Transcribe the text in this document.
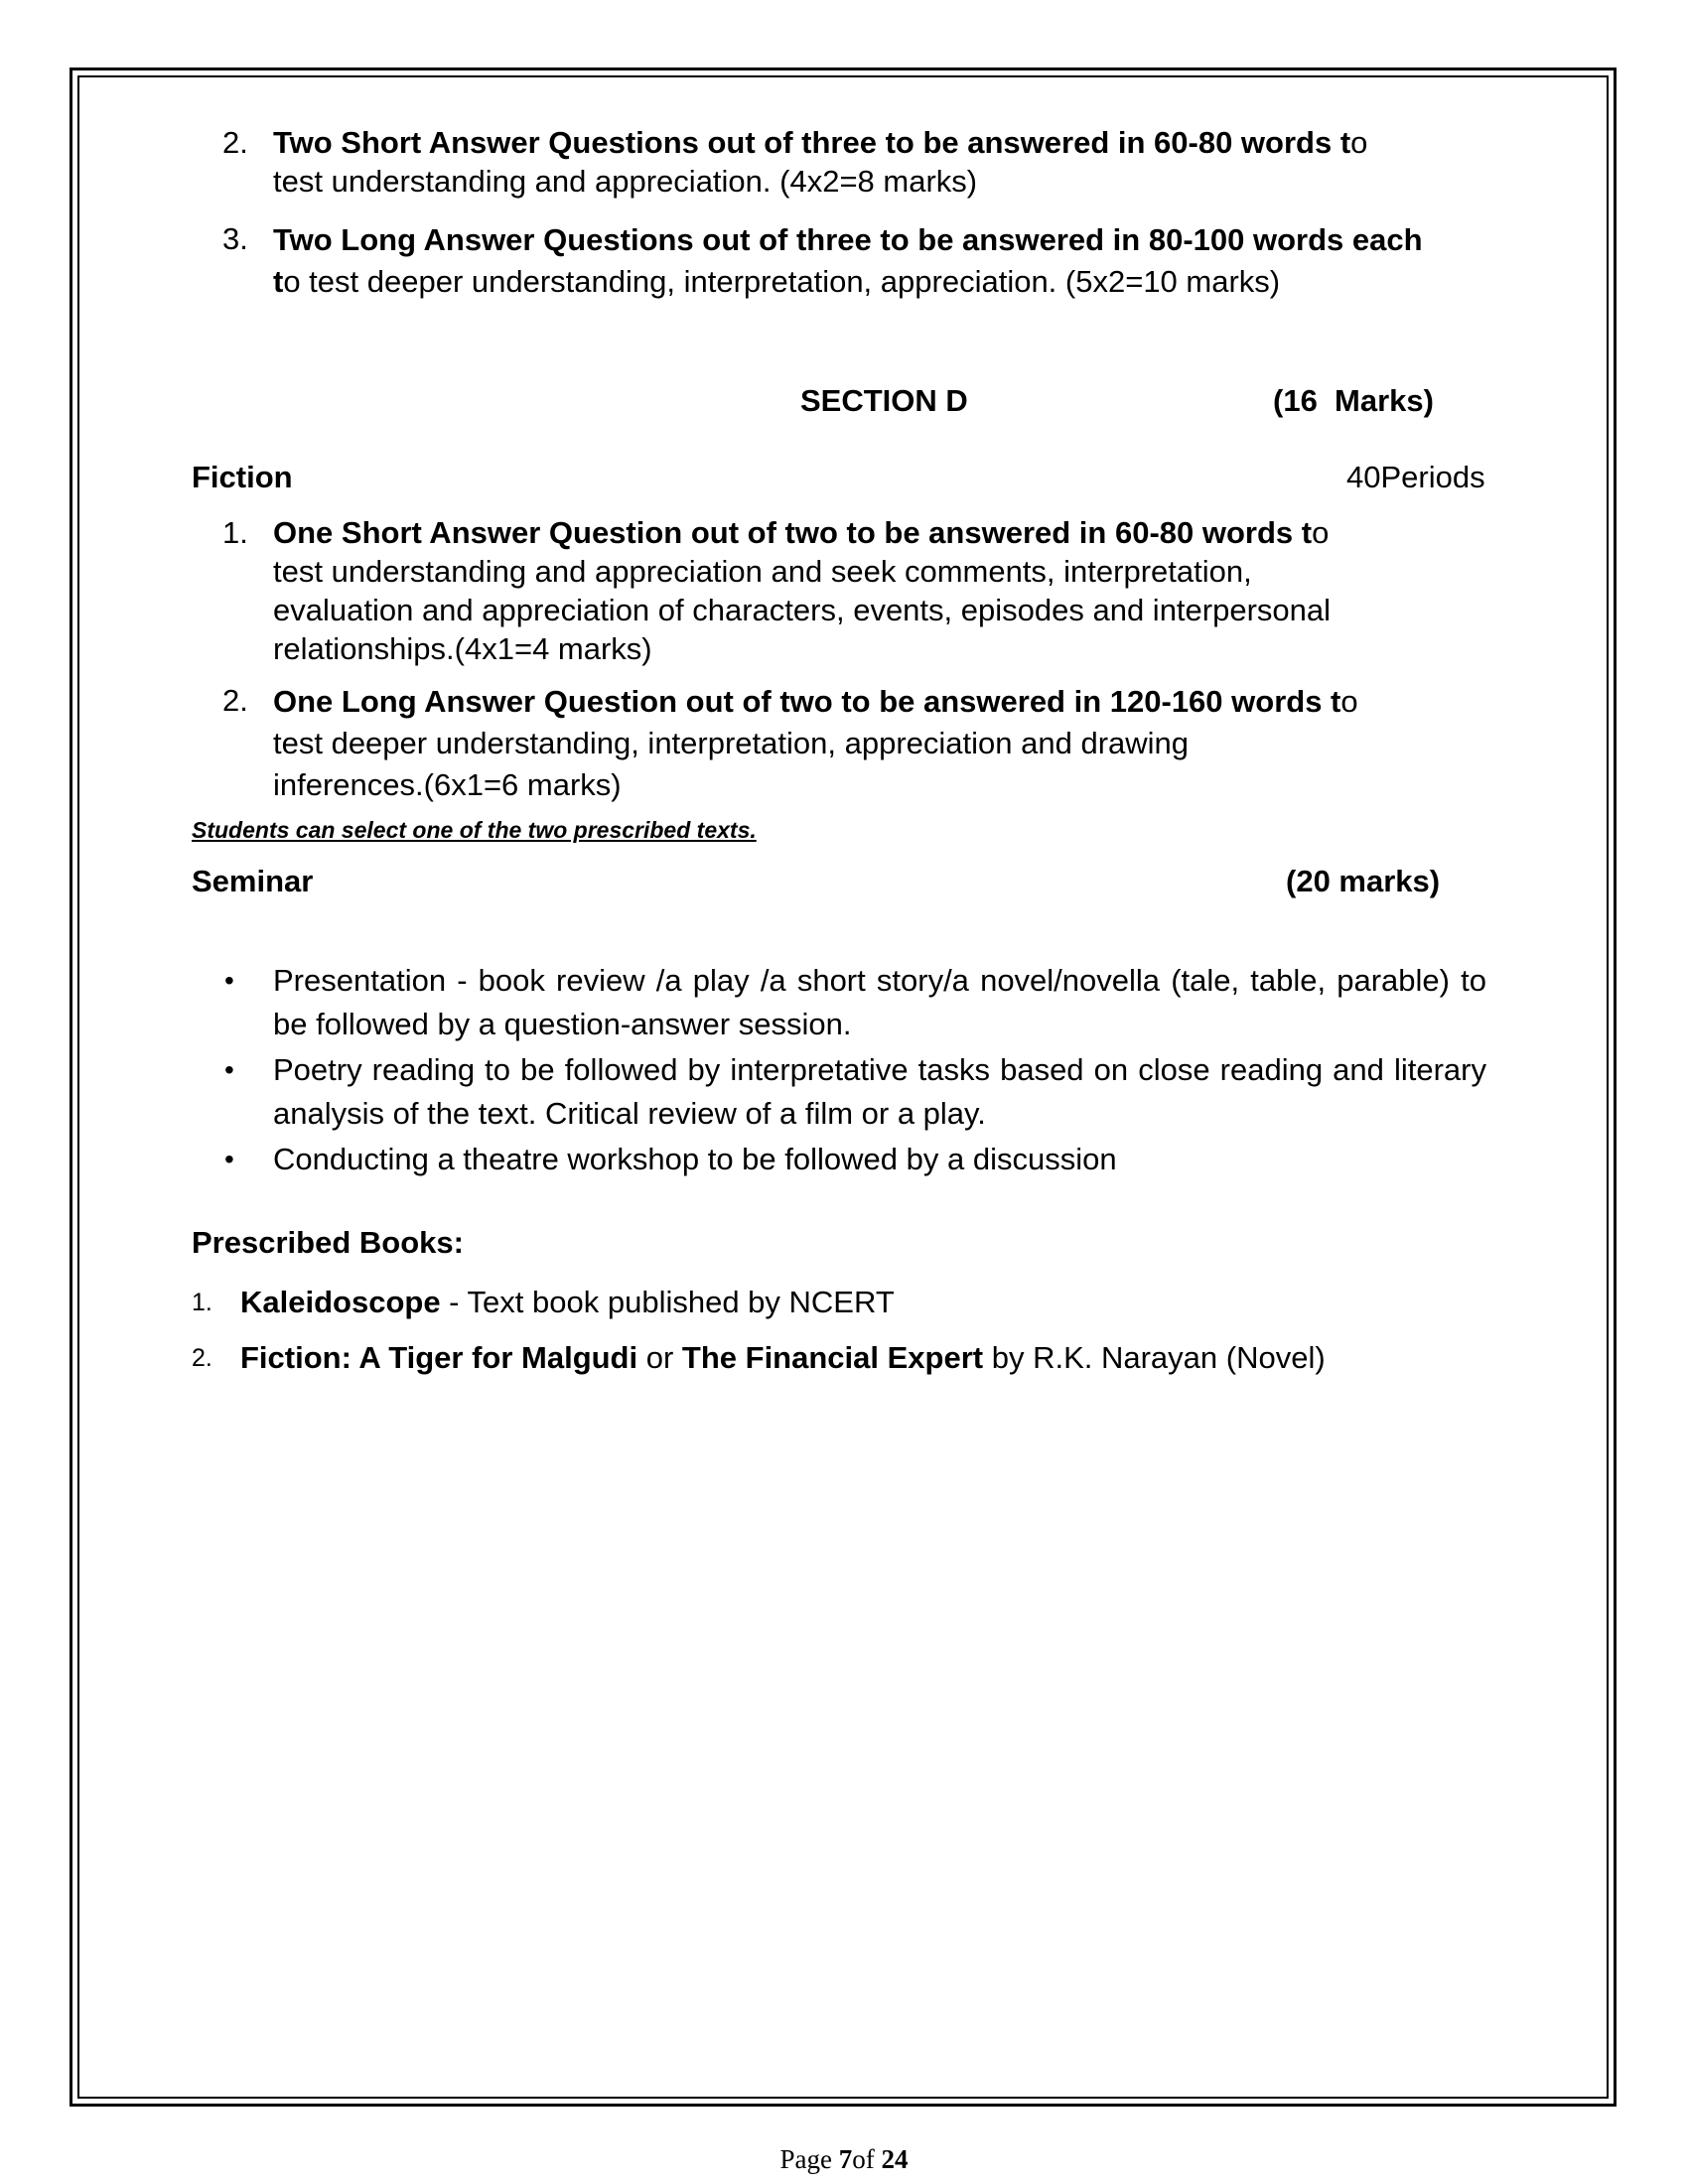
2. Two Short Answer Questions out of three to be answered in 60-80 words to
test understanding and appreciation. (4x2=8 marks)
3. Two Long Answer Questions out of three to be answered in 80-100 words each
to test deeper understanding, interpretation, appreciation. (5x2=10 marks)
SECTION D	(16  Marks)
Fiction	40Periods
1. One Short Answer Question out of two to be answered in 60-80 words to
test understanding and appreciation and seek comments, interpretation,
evaluation and appreciation of characters, events, episodes and interpersonal
relationships.(4x1=4 marks)
2. One Long Answer Question out of two to be answered in 120-160 words to
test deeper understanding, interpretation, appreciation and drawing
inferences.(6x1=6 marks)
Students can select one of the two prescribed texts.
Seminar	(20 marks)
• Presentation - book review /a play /a short story/a novel/novella (tale, table, parable) to be followed by a question-answer session.
• Poetry reading to be followed by interpretative tasks based on close reading and literary analysis of the text. Critical review of a film or a play.
• Conducting a theatre workshop to be followed by a discussion
Prescribed Books:
1. Kaleidoscope - Text book published by NCERT
2. Fiction: A Tiger for Malgudi or The Financial Expert by R.K. Narayan (Novel)
Page 7of 24
